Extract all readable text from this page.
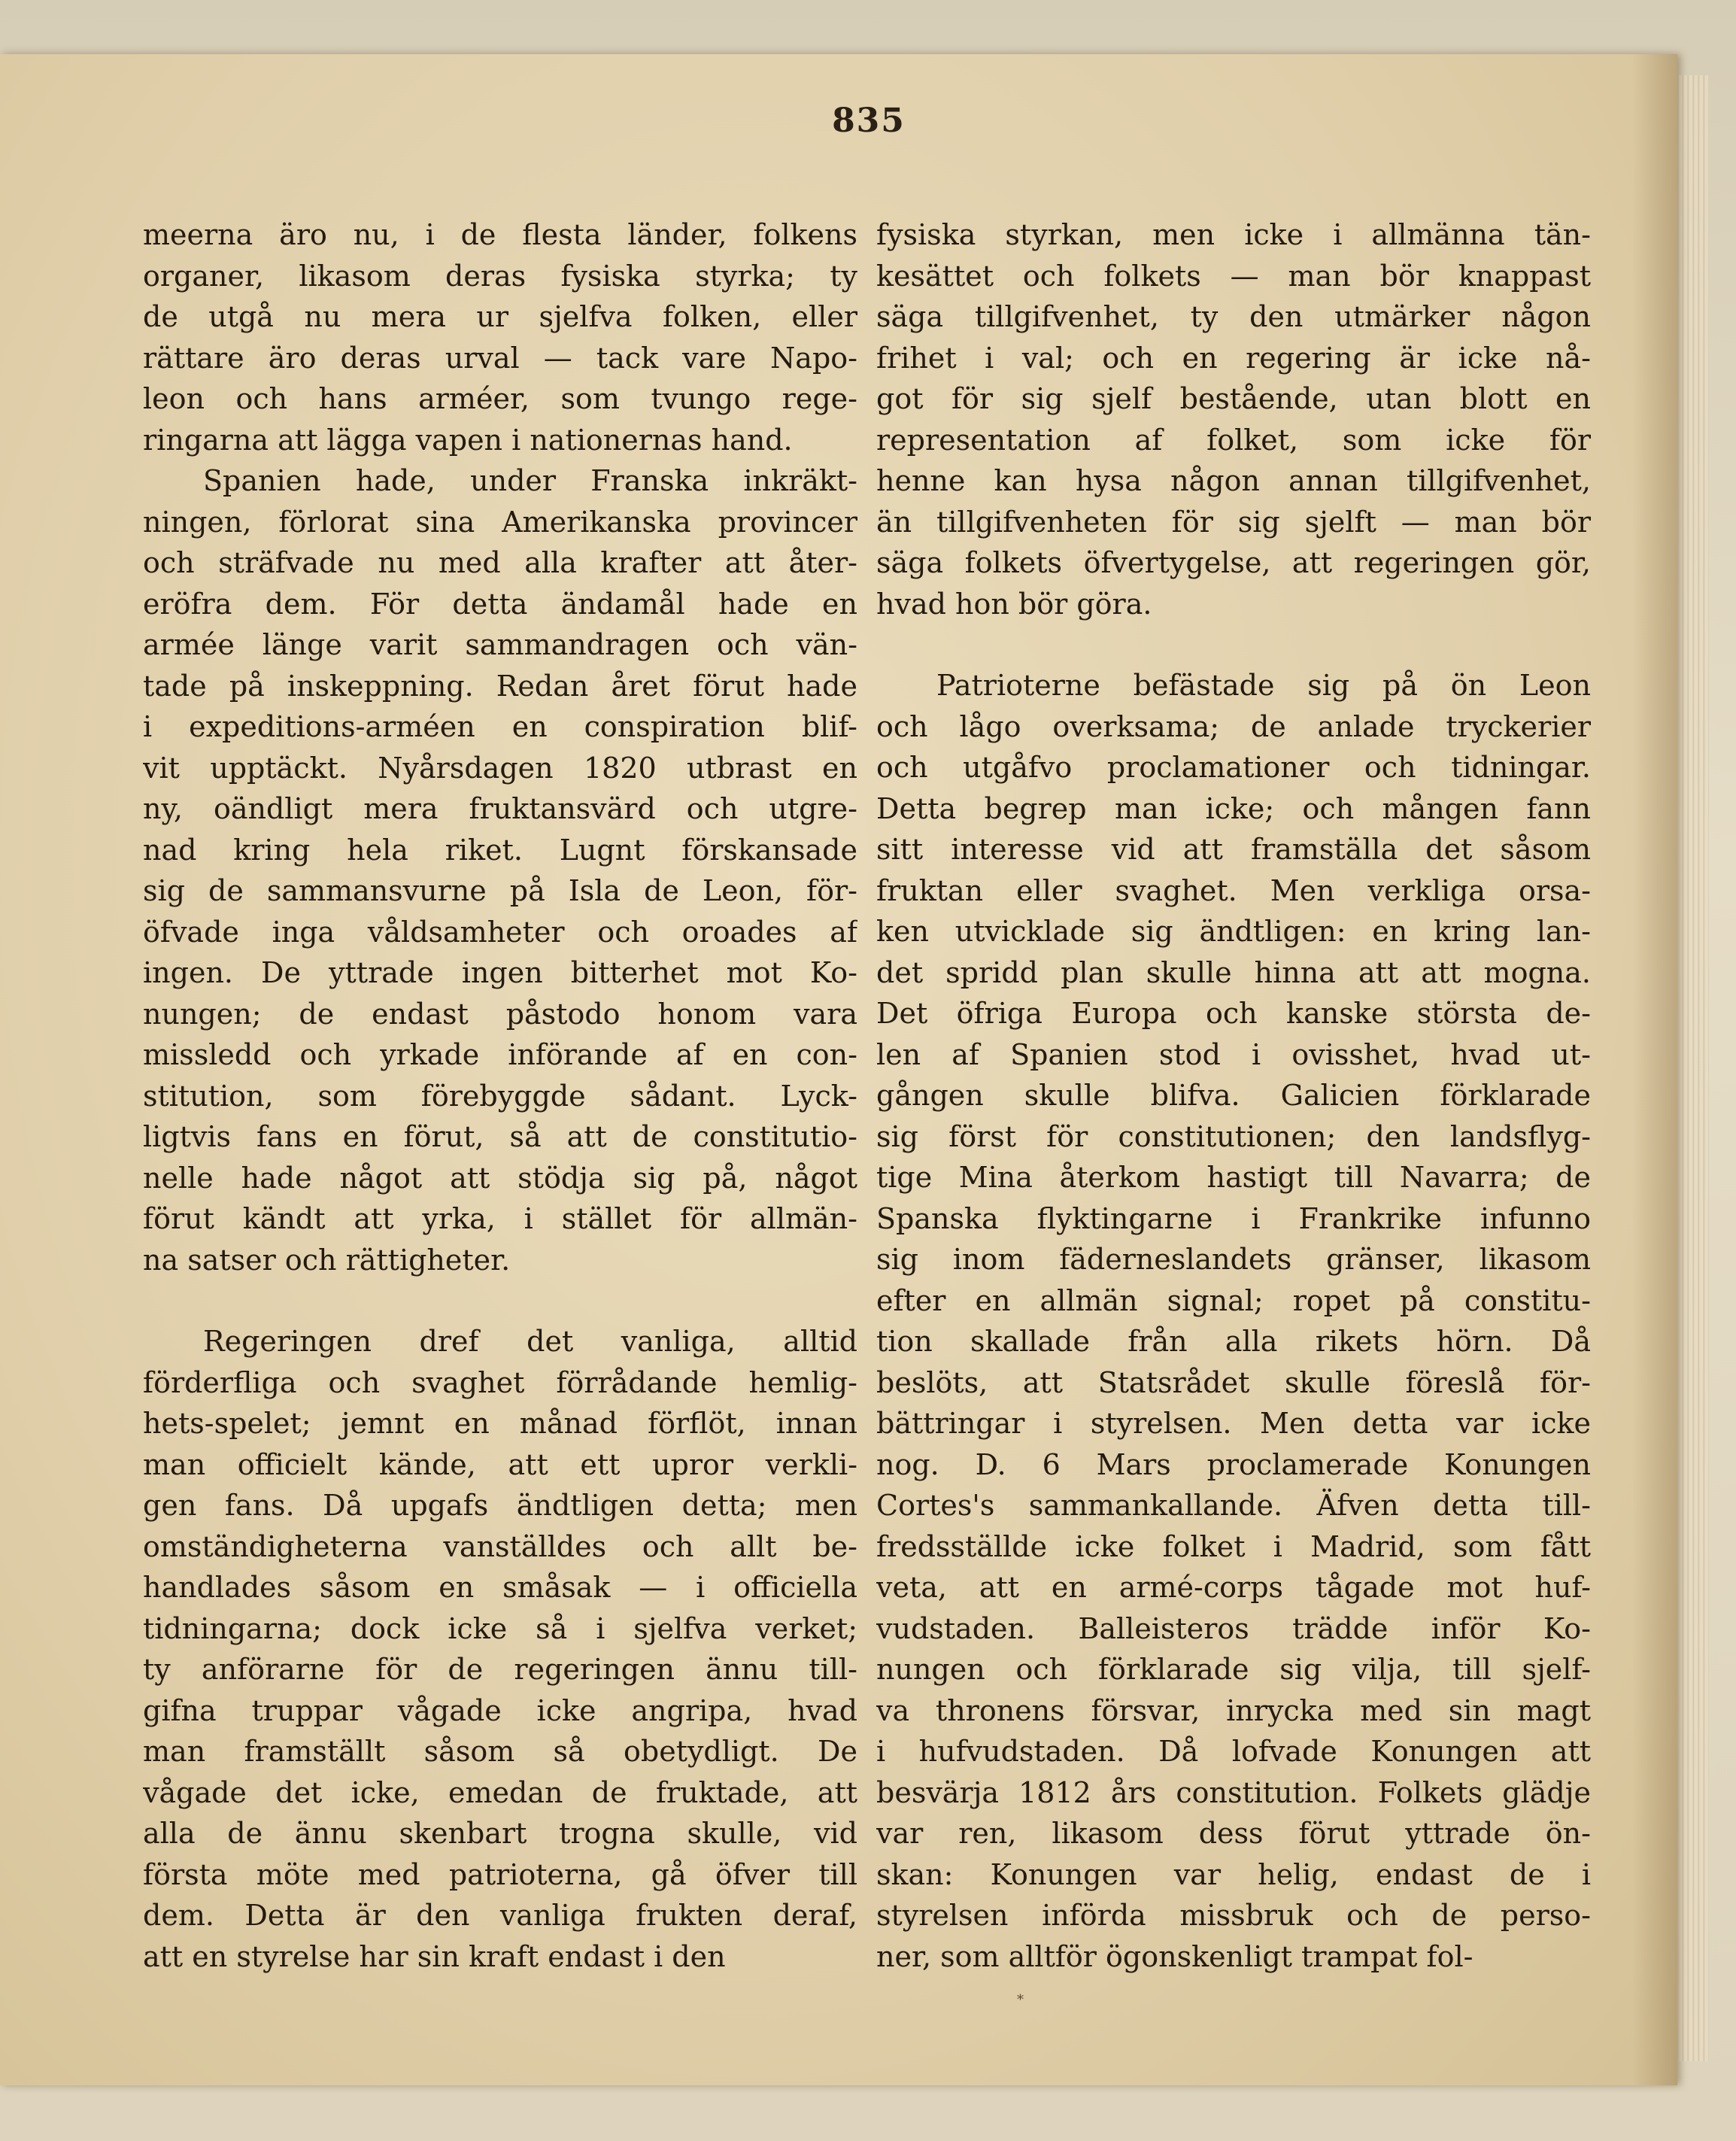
835
meerna äro nu, i de flesta länder, folkens
organer, likasom deras fysiska styrka; ty
de utgå nu mera ur sjelfva folken, eller
rättare äro deras urval — tack vare Napo-
leon och hans arméer, som tvungo rege-
ringarna att lägga vapen i nationernas hand.
Spanien hade, under Franska inkräkt-
ningen, förlorat sina Amerikanska provincer
och sträfvade nu med alla krafter att åter-
eröfra dem. För detta ändamål hade en
armée länge varit sammandragen och vän-
tade på inskeppning. Redan året förut hade
i expeditions-arméen en conspiration blif-
vit upptäckt. Nyårsdagen 1820 utbrast en
ny, oändligt mera fruktansvärd och utgre-
nad kring hela riket. Lugnt förskansade
sig de sammansvurne på Isla de Leon, för-
öfvade inga våldsamheter och oroades af
ingen. De yttrade ingen bitterhet mot Ko-
nungen; de endast påstodo honom vara
missledd och yrkade införande af en con-
stitution, som förebyggde sådant. Lyck-
ligtvis fans en förut, så att de constitutio-
nelle hade något att stödja sig på, något
förut kändt att yrka, i stället för allmän-
na satser och rättigheter.
Regeringen dref det vanliga, alltid
förderfliga och svaghet förrådande hemlig-
hets-spelet; jemnt en månad förflöt, innan
man officielt kände, att ett upror verkli-
gen fans. Då upgafs ändtligen detta; men
omständigheterna vanställdes och allt be-
handlades såsom en småsak — i officiella
tidningarna; dock icke så i sjelfva verket;
ty anförarne för de regeringen ännu till-
gifna truppar vågade icke angripa, hvad
man framställt såsom så obetydligt. De
vågade det icke, emedan de fruktade, att
alla de ännu skenbart trogna skulle, vid
första möte med patrioterna, gå öfver till
dem. Detta är den vanliga frukten deraf,
att en styrelse har sin kraft endast i den
fysiska styrkan, men icke i allmänna tän-
kesättet och folkets — man bör knappast
säga tillgifvenhet, ty den utmärker någon
frihet i val; och en regering är icke nå-
got för sig sjelf bestående, utan blott en
representation af folket, som icke för
henne kan hysa någon annan tillgifvenhet,
än tillgifvenheten för sig sjelft — man bör
säga folkets öfvertygelse, att regeringen gör,
hvad hon bör göra.
Patrioterne befästade sig på ön Leon
och lågo overksama; de anlade tryckerier
och utgåfvo proclamationer och tidningar.
Detta begrep man icke; och mången fann
sitt interesse vid att framställa det såsom
fruktan eller svaghet. Men verkliga orsa-
ken utvicklade sig ändtligen: en kring lan-
det spridd plan skulle hinna att att mogna.
Det öfriga Europa och kanske största de-
len af Spanien stod i ovisshet, hvad ut-
gången skulle blifva. Galicien förklarade
sig först för constitutionen; den landsflyg-
tige Mina återkom hastigt till Navarra; de
Spanska flyktingarne i Frankrike infunno
sig inom fäderneslandets gränser, likasom
efter en allmän signal; ropet på constitu-
tion skallade från alla rikets hörn. Då
beslöts, att Statsrådet skulle föreslå för-
bättringar i styrelsen. Men detta var icke
nog. D. 6 Mars proclamerade Konungen
Cortes's sammankallande. Äfven detta till-
fredsställde icke folket i Madrid, som fått
veta, att en armé-corps tågade mot huf-
vudstaden. Balleisteros trädde inför Ko-
nungen och förklarade sig vilja, till sjelf-
va thronens försvar, inrycka med sin magt
i hufvudstaden. Då lofvade Konungen att
besvärja 1812 års constitution. Folkets glädje
var ren, likasom dess förut yttrade ön-
skan: Konungen var helig, endast de i
styrelsen införda missbruk och de perso-
ner, som alltför ögonskenligt trampat fol-
*
